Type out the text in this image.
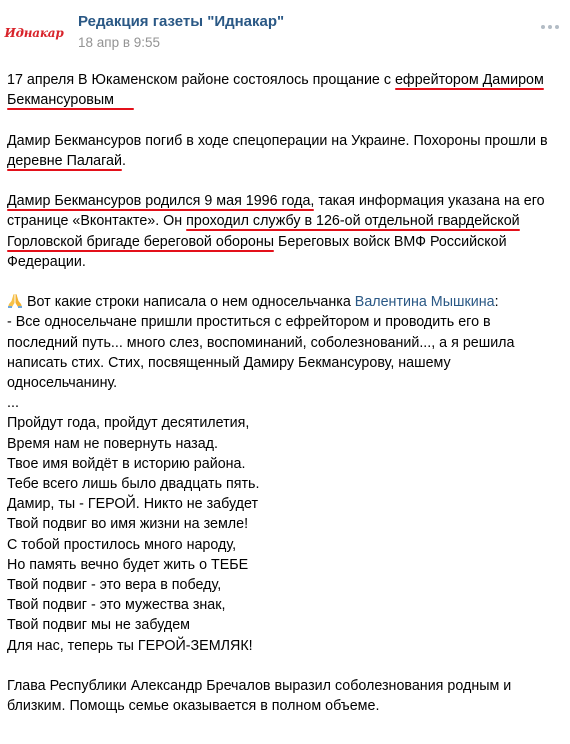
Иднакар
Редакция газеты "Иднакар"
18 апр в 9:55

17 апреля В Юкаменском районе состоялось прощание с ефрейтором Дамиром

Бекмансуровым

Дамир Бекмансуров погиб в ходе спецоперации на Украине. Похороны прошли в

деревне Палагай
.

Дамир Бекмансуров родился 9 мая 1996 года,
такая информация указана на его

странице «Вконтакте». Он проходил службу в 126-ой отдельной гвардейской

Горловской бригаде береговой обороны
Береговых войск ВМФ Российской

Федерации.

Вот какие строки написала о нем односельчанка Валентина Мышкина:

- Все односельчане пришли проститься с ефрейтором и проводить его в

последний путь... много слез, воспоминаний, соболезнований..., а я решила

написать стих. Стих, посвященный Дамиру Бекмансурову, нашему

односельчанину.

...

Пройдут года, пройдут десятилетия,

Время нам не повернуть назад.

Твое имя войдёт в историю района.

Тебе всего лишь было двадцать пять.

Дамир, ты - ГЕРОЙ. Никто не забудет

Твой подвиг во имя жизни на земле!

С тобой простилось много народу,

Но память вечно будет жить о ТЕБЕ

Твой подвиг - это вера в победу,

Твой подвиг - это мужества знак,

Твой подвиг мы не забудем

Для нас, теперь ты ГЕРОЙ-ЗЕМЛЯК!

Глава Республики Александр Бречалов выразил соболезнования родным и

близким. Помощь семье оказывается в полном объеме.
